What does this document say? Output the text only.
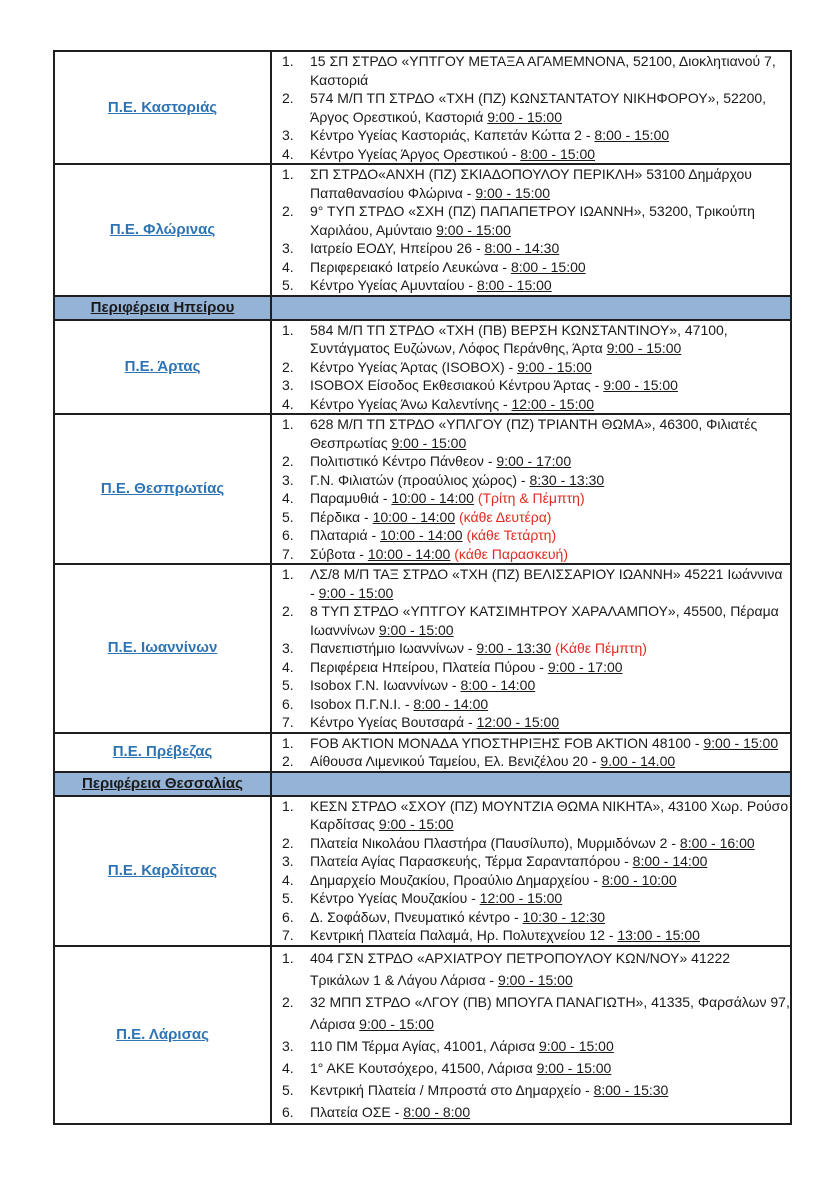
Π.Ε. Καστοριάς	
1.	15 ΣΠ ΣΤΡΔΟ «ΥΠΤΓΟΥ ΜΕΤΑΞΑ ΑΓΑΜΕΜΝΟΝΑ, 52100, Διοκλητιανού 7, Καστοριά
2.	574 Μ/Π ΤΠ ΣΤΡΔΟ «ΤΧΗ (ΠΖ) ΚΩΝΣΤΑΝΤΑΤΟΥ ΝΙΚΗΦΟΡΟΥ», 52200, Άργος Ορεστικού, Καστοριά 9:00 - 15:00
3.	Κέντρο Υγείας Καστοριάς, Καπετάν Κώττα 2 - 8:00 - 15:00
4.	Κέντρο Υγείας Άργος Ορεστικού - 8:00 - 15:00

Π.Ε. Φλώρινας	
1.	ΣΠ ΣΤΡΔΟ«ΑΝΧΗ (ΠΖ) ΣΚΙΑΔΟΠΟΥΛΟΥ ΠΕΡΙΚΛΗ» 53100 Δημάρχου Παπαθανασίου Φλώρινα - 9:00 - 15:00
2.	9° ΤΥΠ ΣΤΡΔΟ «ΣΧΗ (ΠΖ) ΠΑΠΑΠΕΤΡΟΥ ΙΩΑΝΝΗ», 53200, Τρικούπη Χαριλάου, Αμύνταιο 9:00 - 15:00
3.	Ιατρείο ΕΟΔΥ, Ηπείρου 26 - 8:00 - 14:30
4.	Περιφερειακό Ιατρείο Λευκώνα - 8:00 - 15:00
5.	Κέντρο Υγείας Αμυνταίου - 8:00 - 15:00

Περιφέρεια Ηπείρου	
Π.Ε. Άρτας	
1.	584 Μ/Π ΤΠ ΣΤΡΔΟ «ΤΧΗ (ΠΒ) ΒΕΡΣΗ ΚΩΝΣΤΑΝΤΙΝΟΥ», 47100, Συντάγματος Ευζώνων, Λόφος Περάνθης, Άρτα 9:00 - 15:00
2.	Κέντρο Υγείας Άρτας (ISOBOX) - 9:00 - 15:00
3.	ISOBOX Είσοδος Εκθεσιακού Κέντρου Άρτας - 9:00 - 15:00
4.	Κέντρο Υγείας Άνω Καλεντίνης - 12:00 - 15:00

Π.Ε. Θεσπρωτίας	
1.	628 Μ/Π ΤΠ ΣΤΡΔΟ «ΥΠΛΓΟΥ (ΠΖ) ΤΡΙΑΝΤΗ ΘΩΜΑ», 46300, Φιλιατές Θεσπρωτίας 9:00 - 15:00
2.	Πολιτιστικό Κέντρο Πάνθεον - 9:00 - 17:00
3.	Γ.Ν. Φιλιατών (προαύλιος χώρος) - 8:30 - 13:30
4.	Παραμυθιά - 10:00 - 14:00 (Τρίτη & Πέμπτη)
5.	Πέρδικα - 10:00 - 14:00 (κάθε Δευτέρα)
6.	Πλαταριά - 10:00 - 14:00 (κάθε Τετάρτη)
7.	Σύβοτα - 10:00 - 14:00 (κάθε Παρασκευή)

Π.Ε. Ιωαννίνων	
1.	ΛΣ/8 Μ/Π ΤΑΞ ΣΤΡΔΟ «ΤΧΗ (ΠΖ) ΒΕΛΙΣΣΑΡΙΟΥ ΙΩΑΝΝΗ» 45221 Ιωάννινα - 9:00 - 15:00
2.	8 ΤΥΠ ΣΤΡΔΟ «ΥΠΤΓΟΥ ΚΑΤΣΙΜΗΤΡΟΥ ΧΑΡΑΛΑΜΠΟΥ», 45500, Πέραμα Ιωαννίνων 9:00 - 15:00
3.	Πανεπιστήμιο Ιωαννίνων - 9:00 - 13:30 (Κάθε Πέμπτη)
4.	Περιφέρεια Ηπείρου, Πλατεία Πύρου - 9:00 - 17:00
5.	Isobox Γ.Ν. Ιωαννίνων - 8:00 - 14:00
6.	Isobox Π.Γ.Ν.Ι. - 8:00 - 14:00
7.	Κέντρο Υγείας Βουτσαρά - 12:00 - 15:00

Π.Ε. Πρέβεζας	1. FOB AKTION ΜΟΝΑΔΑ ΥΠΟΣΤΗΡΙΞΗΣ FOB AKTION 48100 - 9:00 - 15:00
2. Αίθουσα Λιμενικού Ταμείου, Ελ. Βενιζέλου 20 - 9.00 - 14.00

Περιφέρεια Θεσσαλίας	
Π.Ε. Καρδίτσας	
1.	ΚΕΣΝ ΣΤΡΔΟ «ΣΧΟΥ (ΠΖ) ΜΟΥΝΤΖΙΑ ΘΩΜΑ ΝΙΚΗΤΑ», 43100 Χωρ. Ρούσο Καρδίτσας 9:00 - 15:00
2.	Πλατεία Νικολάου Πλαστήρα (Παυσίλυπο), Μυρμιδόνων 2 - 8:00 - 16:00
3.	Πλατεία Αγίας Παρασκευής, Τέρμα Σαρανταπόρου - 8:00 - 14:00
4.	Δημαρχείο Μουζακίου, Προαύλιο Δημαρχείου - 8:00 - 10:00
5.	Κέντρο Υγείας Μουζακίου - 12:00 - 15:00
6.	Δ. Σοφάδων, Πνευματικό κέντρο - 10:30 - 12:30
7.	Κεντρική Πλατεία Παλαμά, Ηρ. Πολυτεχνείου 12 - 13:00 - 15:00

Π.Ε. Λάρισας	
1.	404 ΓΣΝ ΣΤΡΔΟ «ΑΡΧΙΑΤΡΟΥ ΠΕΤΡΟΠΟΥΛΟΥ ΚΩΝ/ΝΟΥ» 41222 Τρικάλων 1 & Λάγου Λάρισα - 9:00 - 15:00
2.	32 ΜΠΠ ΣΤΡΔΟ «ΛΓΟΥ (ΠΒ) ΜΠΟΥΓΑ ΠΑΝΑΓΙΩΤΗ», 41335, Φαρσάλων 97, Λάρισα 9:00 - 15:00
3.	110 ΠΜ Τέρμα Αγίας, 41001, Λάρισα 9:00 - 15:00
4.	1° ΑΚΕ Κουτσόχερο, 41500, Λάρισα 9:00 - 15:00
5.	Κεντρική Πλατεία / Μπροστά στο Δημαρχείο - 8:00 - 15:30
6.	Πλατεία ΟΣΕ - 8:00 - 8:00
